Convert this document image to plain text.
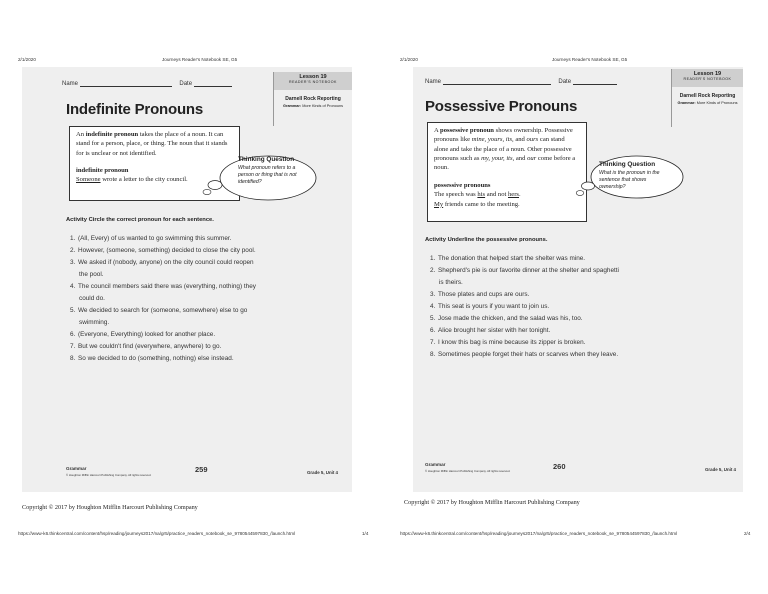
2/1/2020	Journeys Reader's Notebook SE, G5
Name	Date
Lesson 19
READER'S NOTEBOOK
Darnell Rock Reporting
Grammar: More Kinds of Pronouns
Indefinite Pronouns
An indefinite pronoun takes the place of a noun. It can stand for a person, place, or thing. The noun that it stands for is unclear or not identified.
indefinite pronoun
Someone wrote a letter to the city council.
Thinking Question
What pronoun refers to a person or thing that is not identified?
Activity Circle the correct pronoun for each sentence.
1. (All, Every) of us wanted to go swimming this summer.
2. However, (someone, something) decided to close the city pool.
3. We asked if (nobody, anyone) on the city council could reopen
the pool.
4. The council members said there was (everything, nothing) they
could do.
5. We decided to search for (someone, somewhere) else to go
swimming.
6. (Everyone, Everything) looked for another place.
7. But we couldn't find (everywhere, anywhere) to go.
8. So we decided to do (something, nothing) else instead.
Grammar
© Houghton Mifflin Harcourt Publishing Company. All rights reserved.
259	Grade 5, Unit 4
Copyright © 2017 by Houghton Mifflin Harcourt Publishing Company
https://www-k6.thinkcentral.com/content/hsp/reading/journeys2017/na/gr5/practice_readers_notebook_se_9780544597830_/launch.html	1/4
2/1/2020	Journeys Reader's Notebook SE, G5
Name	Date
Lesson 19
READER'S NOTEBOOK
Darnell Rock Reporting
Grammar: More Kinds of Pronouns
Possessive Pronouns
A possessive pronoun shows ownership. Possessive pronouns like mine, yours, its, and ours can stand alone and take the place of a noun. Other possessive pronouns such as my, your, its, and our come before a noun.
possessive pronouns
The speech was his and not hers.
My friends came to the meeting.
Thinking Question
What is the pronoun in the sentence that shows ownership?
Activity Underline the possessive pronouns.
1. The donation that helped start the shelter was mine.
2. Shepherd's pie is our favorite dinner at the shelter and spaghetti
is theirs.
3. Those plates and cups are ours.
4. This seat is yours if you want to join us.
5. Jose made the chicken, and the salad was his, too.
6. Alice brought her sister with her tonight.
7. I know this bag is mine because its zipper is broken.
8. Sometimes people forget their hats or scarves when they leave.
Grammar
© Houghton Mifflin Harcourt Publishing Company. All rights reserved.
260	Grade 5, Unit 4
Copyright © 2017 by Houghton Mifflin Harcourt Publishing Company
https://www-k6.thinkcentral.com/content/hsp/reading/journeys2017/na/gr5/practice_readers_notebook_se_9780544597830_/launch.html	2/4
